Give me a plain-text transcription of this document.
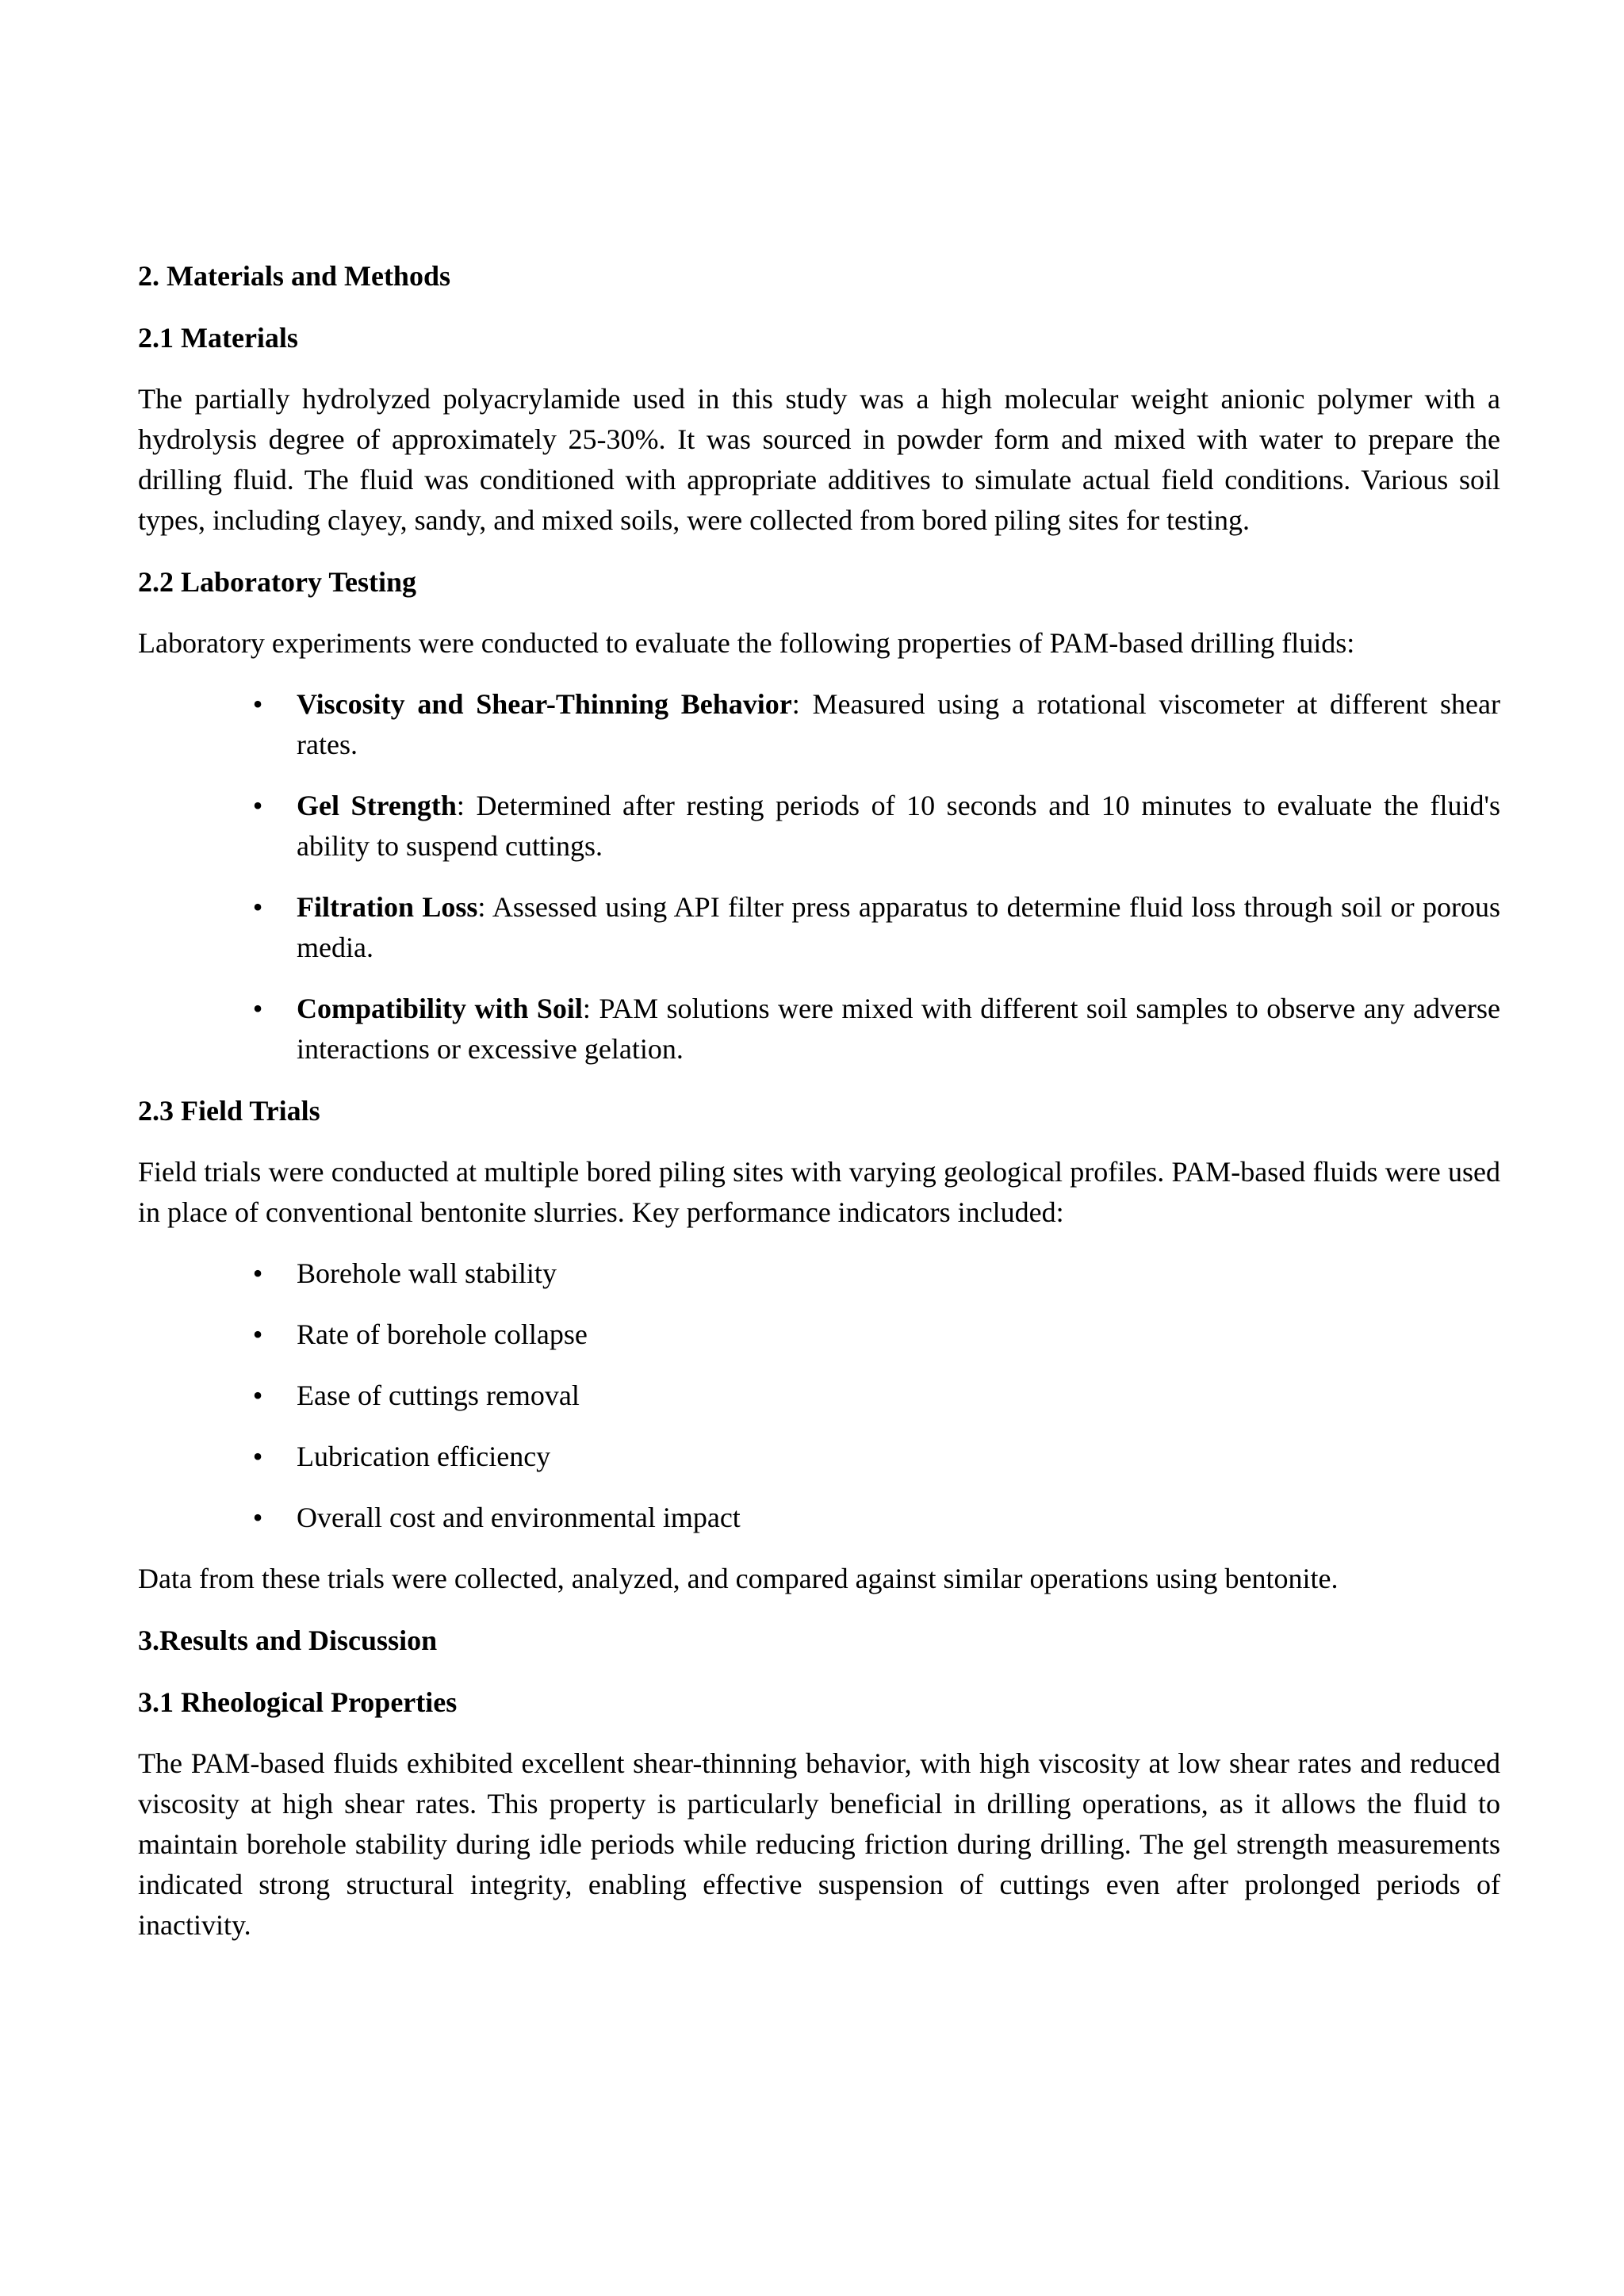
2. Materials and Methods
2.1 Materials

The partially hydrolyzed polyacrylamide used in this study was a high molecular weight anionic polymer with a hydrolysis degree of approximately 25-30%. It was sourced in powder form and mixed with water to prepare the drilling fluid. The fluid was conditioned with appropriate additives to simulate actual field conditions. Various soil types, including clayey, sandy, and mixed soils, were collected from bored piling sites for testing.

2.2 Laboratory Testing

Laboratory experiments were conducted to evaluate the following properties of PAM-based drilling fluids:

• Viscosity and Shear-Thinning Behavior: Measured using a rotational viscometer at different shear rates.
• Gel Strength: Determined after resting periods of 10 seconds and 10 minutes to evaluate the fluid's ability to suspend cuttings.
• Filtration Loss: Assessed using API filter press apparatus to determine fluid loss through soil or porous media.
• Compatibility with Soil: PAM solutions were mixed with different soil samples to observe any adverse interactions or excessive gelation.
2.3 Field Trials

Field trials were conducted at multiple bored piling sites with varying geological profiles. PAM-based fluids were used in place of conventional bentonite slurries. Key performance indicators included:

• Borehole wall stability
• Rate of borehole collapse
• Ease of cuttings removal
• Lubrication efficiency
• Overall cost and environmental impact

Data from these trials were collected, analyzed, and compared against similar operations using bentonite.

3.Results and Discussion
3.1 Rheological Properties

The PAM-based fluids exhibited excellent shear-thinning behavior, with high viscosity at low shear rates and reduced viscosity at high shear rates. This property is particularly beneficial in drilling operations, as it allows the fluid to maintain borehole stability during idle periods while reducing friction during drilling. The gel strength measurements indicated strong structural integrity, enabling effective suspension of cuttings even after prolonged periods of inactivity.
